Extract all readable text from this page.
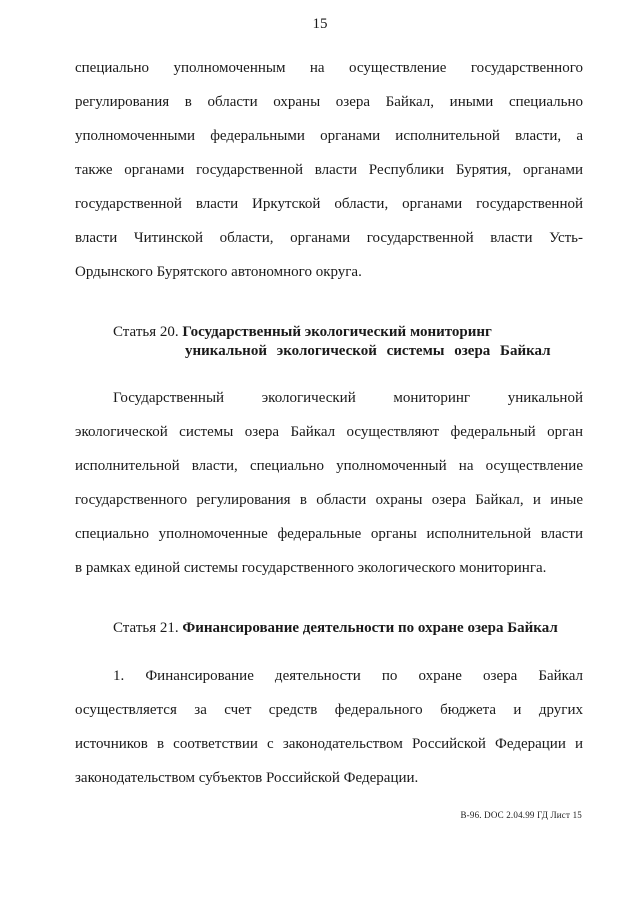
15
специально уполномоченным на осуществление государственного
регулирования в области охраны озера Байкал, иными специально
уполномоченными федеральными органами исполнительной власти, а
также органами государственной власти Республики Бурятия, органами
государственной власти Иркутской области, органами государственной
власти Читинской области, органами государственной власти Усть-
Ордынского Бурятского автономного округа.
Статья 20. Государственный экологический мониторинг
уникальной экологической системы озера Байкал
Государственный экологический мониторинг уникальной
экологической системы озера Байкал осуществляют федеральный орган
исполнительной власти, специально уполномоченный на осуществление
государственного регулирования в области охраны озера Байкал, и иные
специально уполномоченные федеральные органы исполнительной власти
в рамках единой системы государственного экологического мониторинга.
Статья 21. Финансирование деятельности по охране озера Байкал
1. Финансирование деятельности по охране озера Байкал
осуществляется за счет средств федерального бюджета и других
источников в соответствии с законодательством Российской Федерации и
законодательством субъектов Российской Федерации.
В-96. DOC 2.04.99 ГД Лист 15
